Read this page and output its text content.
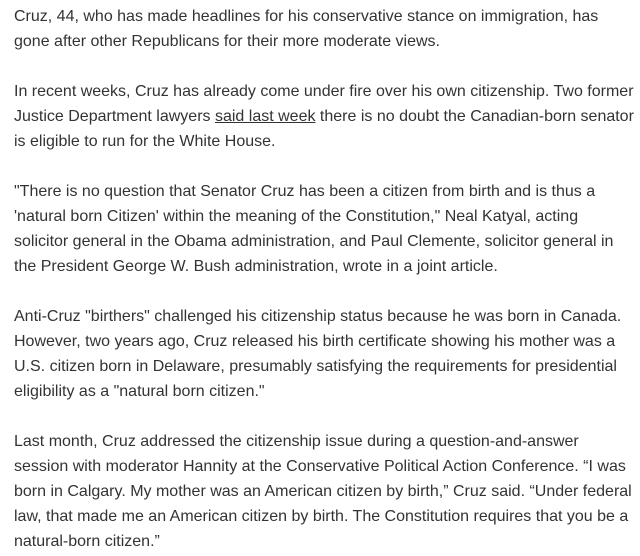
Cruz, 44, who has made headlines for his conservative stance on immigration, has gone after other Republicans for their more moderate views.

In recent weeks, Cruz has already come under fire over his own citizenship. Two former Justice Department lawyers said last week there is no doubt the Canadian-born senator is eligible to run for the White House.

"There is no question that Senator Cruz has been a citizen from birth and is thus a 'natural born Citizen' within the meaning of the Constitution," Neal Katyal, acting solicitor general in the Obama administration, and Paul Clemente, solicitor general in the President George W. Bush administration, wrote in a joint article.

Anti-Cruz "birthers" challenged his citizenship status because he was born in Canada. However, two years ago, Cruz released his birth certificate showing his mother was a U.S. citizen born in Delaware, presumably satisfying the requirements for presidential eligibility as a "natural born citizen."

Last month, Cruz addressed the citizenship issue during a question-and-answer session with moderator Hannity at the Conservative Political Action Conference. “I was born in Calgary. My mother was an American citizen by birth,” Cruz said. “Under federal law, that made me an American citizen by birth. The Constitution requires that you be a natural-born citizen.”
